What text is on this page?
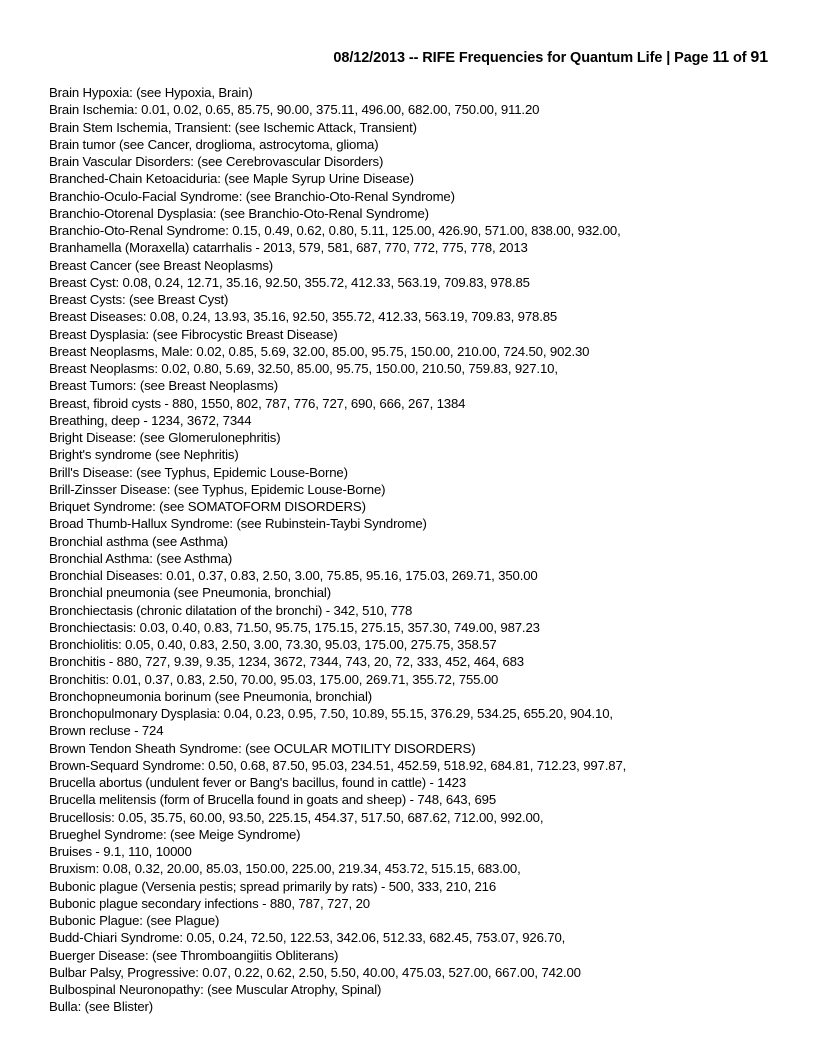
08/12/2013 -- RIFE Frequencies for Quantum Life | Page 11 of 91
Brain Hypoxia: (see Hypoxia, Brain)
Brain Ischemia: 0.01, 0.02, 0.65, 85.75, 90.00, 375.11, 496.00, 682.00, 750.00, 911.20
Brain Stem Ischemia, Transient: (see Ischemic Attack, Transient)
Brain tumor (see Cancer, droglioma, astrocytoma, glioma)
Brain Vascular Disorders: (see Cerebrovascular Disorders)
Branched-Chain Ketoaciduria: (see Maple Syrup Urine Disease)
Branchio-Oculo-Facial Syndrome: (see Branchio-Oto-Renal Syndrome)
Branchio-Otorenal Dysplasia: (see Branchio-Oto-Renal Syndrome)
Branchio-Oto-Renal Syndrome: 0.15, 0.49, 0.62, 0.80, 5.11, 125.00, 426.90, 571.00, 838.00, 932.00,
Branhamella (Moraxella) catarrhalis - 2013, 579, 581, 687, 770, 772, 775, 778, 2013
Breast Cancer (see Breast Neoplasms)
Breast Cyst: 0.08, 0.24, 12.71, 35.16, 92.50, 355.72, 412.33, 563.19, 709.83, 978.85
Breast Cysts: (see Breast Cyst)
Breast Diseases: 0.08, 0.24, 13.93, 35.16, 92.50, 355.72, 412.33, 563.19, 709.83, 978.85
Breast Dysplasia: (see Fibrocystic Breast Disease)
Breast Neoplasms, Male: 0.02, 0.85, 5.69, 32.00, 85.00, 95.75, 150.00, 210.00, 724.50, 902.30
Breast Neoplasms: 0.02, 0.80, 5.69, 32.50, 85.00, 95.75, 150.00, 210.50, 759.83, 927.10,
Breast Tumors: (see Breast Neoplasms)
Breast, fibroid cysts - 880, 1550, 802, 787, 776, 727, 690, 666, 267, 1384
Breathing, deep - 1234, 3672, 7344
Bright Disease: (see Glomerulonephritis)
Bright's syndrome (see Nephritis)
Brill's Disease: (see Typhus, Epidemic Louse-Borne)
Brill-Zinsser Disease: (see Typhus, Epidemic Louse-Borne)
Briquet Syndrome: (see SOMATOFORM DISORDERS)
Broad Thumb-Hallux Syndrome: (see Rubinstein-Taybi Syndrome)
Bronchial asthma (see Asthma)
Bronchial Asthma: (see Asthma)
Bronchial Diseases: 0.01, 0.37, 0.83, 2.50, 3.00, 75.85, 95.16, 175.03, 269.71, 350.00
Bronchial pneumonia (see Pneumonia, bronchial)
Bronchiectasis (chronic dilatation of the bronchi) - 342, 510, 778
Bronchiectasis: 0.03, 0.40, 0.83, 71.50, 95.75, 175.15, 275.15, 357.30, 749.00, 987.23
Bronchiolitis: 0.05, 0.40, 0.83, 2.50, 3.00, 73.30, 95.03, 175.00, 275.75, 358.57
Bronchitis - 880, 727, 9.39, 9.35, 1234, 3672, 7344, 743, 20, 72, 333, 452, 464, 683
Bronchitis: 0.01, 0.37, 0.83, 2.50, 70.00, 95.03, 175.00, 269.71, 355.72, 755.00
Bronchopneumonia borinum (see Pneumonia, bronchial)
Bronchopulmonary Dysplasia: 0.04, 0.23, 0.95, 7.50, 10.89, 55.15, 376.29, 534.25, 655.20, 904.10,
Brown recluse - 724
Brown Tendon Sheath Syndrome: (see OCULAR MOTILITY DISORDERS)
Brown-Sequard Syndrome: 0.50, 0.68, 87.50, 95.03, 234.51, 452.59, 518.92, 684.81, 712.23, 997.87,
Brucella abortus (undulent fever or Bang's bacillus, found in cattle) - 1423
Brucella melitensis (form of Brucella found in goats and sheep) - 748, 643, 695
Brucellosis: 0.05, 35.75, 60.00, 93.50, 225.15, 454.37, 517.50, 687.62, 712.00, 992.00,
Brueghel Syndrome: (see Meige Syndrome)
Bruises - 9.1, 110, 10000
Bruxism: 0.08, 0.32, 20.00, 85.03, 150.00, 225.00, 219.34, 453.72, 515.15, 683.00,
Bubonic plague (Versenia pestis; spread primarily by rats) - 500, 333, 210, 216
Bubonic plague secondary infections - 880, 787, 727, 20
Bubonic Plague: (see Plague)
Budd-Chiari Syndrome: 0.05, 0.24, 72.50, 122.53, 342.06, 512.33, 682.45, 753.07, 926.70,
Buerger Disease: (see Thromboangiitis Obliterans)
Bulbar Palsy, Progressive: 0.07, 0.22, 0.62, 2.50, 5.50, 40.00, 475.03, 527.00, 667.00, 742.00
Bulbospinal Neuronopathy: (see Muscular Atrophy, Spinal)
Bulla: (see Blister)
